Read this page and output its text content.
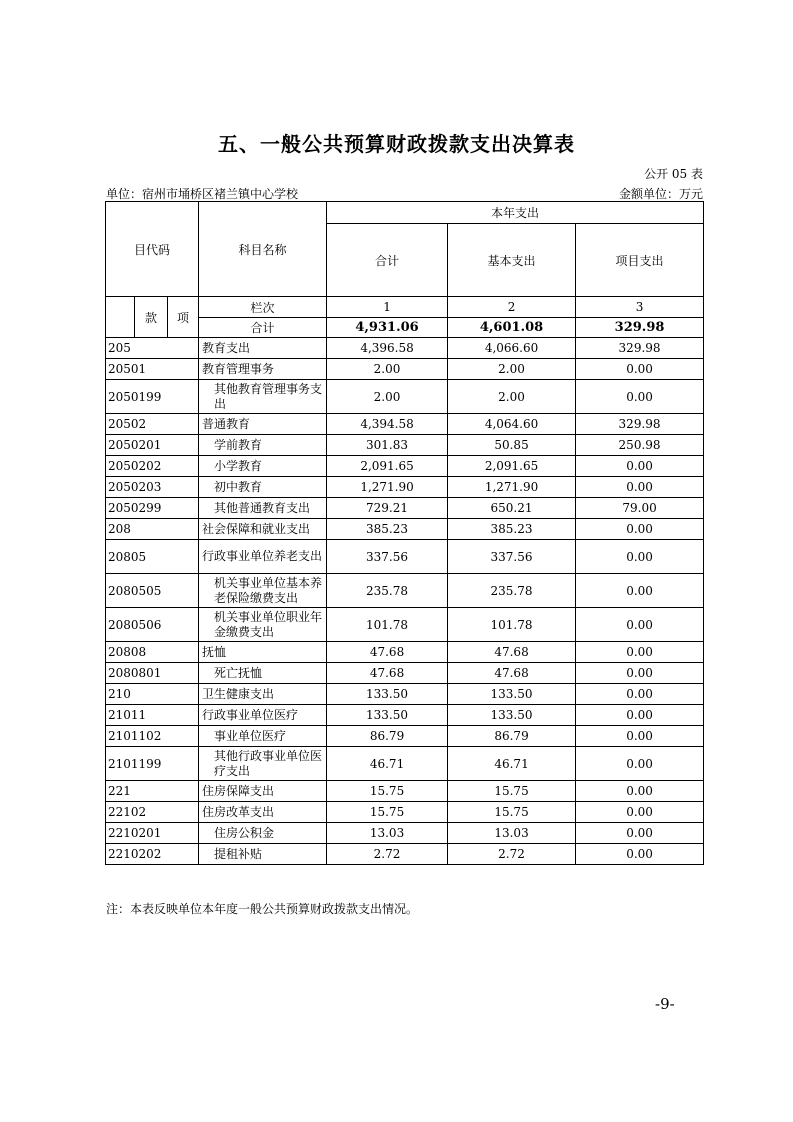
五、一般公共预算财政拨款支出决算表
公开 05 表
单位：宿州市埇桥区褚兰镇中心学校	金额单位：万元
目代码			科目名称	本年支出		
				合计	基本支出	项目支出
	款	项	栏次	1	2	3
			合计	4,931.06	4,601.08	329.98
205			教育支出	4,396.58	4,066.60	329.98
20501			教育管理事务	2.00	2.00	0.00
2050199			其他教育管理事务支出	2.00	2.00	0.00
20502			普通教育	4,394.58	4,064.60	329.98
2050201			学前教育	301.83	50.85	250.98
2050202			小学教育	2,091.65	2,091.65	0.00
2050203			初中教育	1,271.90	1,271.90	0.00
2050299			其他普通教育支出	729.21	650.21	79.00
208			社会保障和就业支出	385.23	385.23	0.00
20805			行政事业单位养老支出	337.56	337.56	0.00
2080505			机关事业单位基本养老保险缴费支出	235.78	235.78	0.00
2080506			机关事业单位职业年金缴费支出	101.78	101.78	0.00
20808			抚恤	47.68	47.68	0.00
2080801			死亡抚恤	47.68	47.68	0.00
210			卫生健康支出	133.50	133.50	0.00
21011			行政事业单位医疗	133.50	133.50	0.00
2101102			事业单位医疗	86.79	86.79	0.00
2101199			其他行政事业单位医疗支出	46.71	46.71	0.00
221			住房保障支出	15.75	15.75	0.00
22102			住房改革支出	15.75	15.75	0.00
2210201			住房公积金	13.03	13.03	0.00
2210202			提租补贴	2.72	2.72	0.00
注：本表反映单位本年度一般公共预算财政拨款支出情况。
-9-
